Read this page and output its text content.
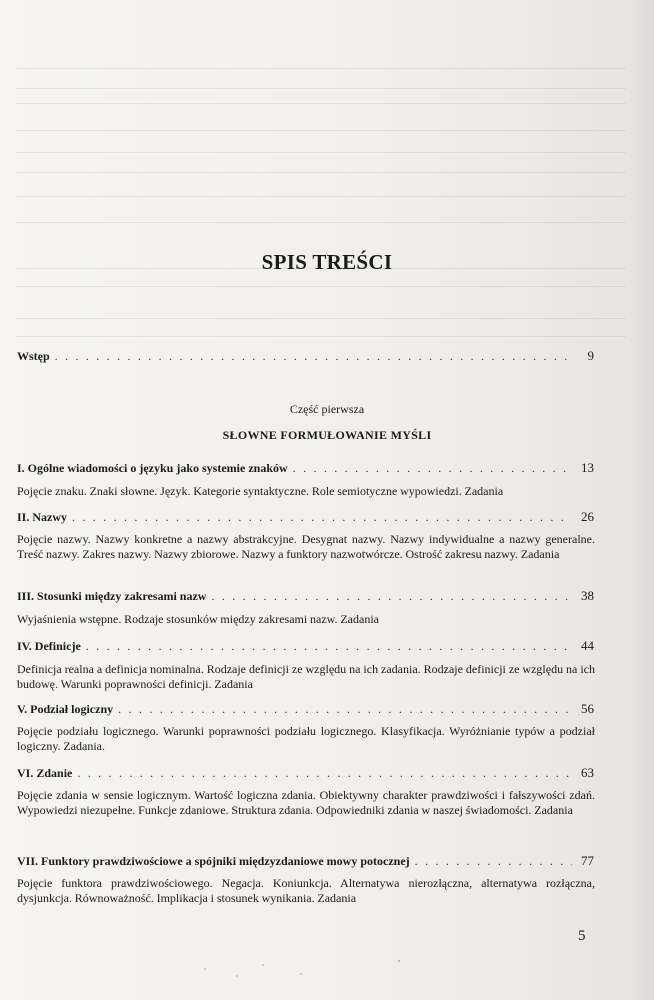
SPIS TREŚCI
Wstęp . . .	9
Część pierwsza
SŁOWNE FORMUŁOWANIE MYŚLI
I. Ogólne wiadomości o języku jako systemie znaków . . .	13
Pojęcie znaku. Znaki słowne. Język. Kategorie syntaktyczne. Role semiotyczne wypowiedzi. Zadania
II. Nazwy . . .	26
Pojęcie nazwy. Nazwy konkretne a nazwy abstrakcyjne. Desygnat nazwy. Nazwy indywidualne a nazwy generalne. Treść nazwy. Zakres nazwy. Nazwy zbiorowe. Nazwy a funktory nazwotwórcze. Ostrość zakresu nazwy. Zadania
III. Stosunki między zakresami nazw . . .	38
Wyjaśnienia wstępne. Rodzaje stosunków między zakresami nazw. Zadania
IV. Definicje . . .	44
Definicja realna a definicja nominalna. Rodzaje definicji ze względu na ich zadania. Rodzaje definicji ze względu na ich budowę. Warunki poprawności definicji. Zadania
V. Podział logiczny . . .	56
Pojęcie podziału logicznego. Warunki poprawności podziału logicznego. Klasyfikacja. Wyróżnianie typów a podział logiczny. Zadania.
VI. Zdanie . . .	63
Pojęcie zdania w sensie logicznym. Wartość logiczna zdania. Obiektywny charakter prawdziwości i fałszywości zdań. Wypowiedzi niezupełne. Funkcje zdaniowe. Struktura zdania. Odpowiedniki zdania w naszej świadomości. Zadania
VII. Funktory prawdziwościowe a spójniki międzyzdaniowe mowy potocznej . . .	77
Pojęcie funktora prawdziwościowego. Negacja. Koniunkcja. Alternatywa nierozłączna, alternatywa rozłączna, dysjunkcja. Równoważność. Implikacja i stosunek wynikania. Zadania
5
